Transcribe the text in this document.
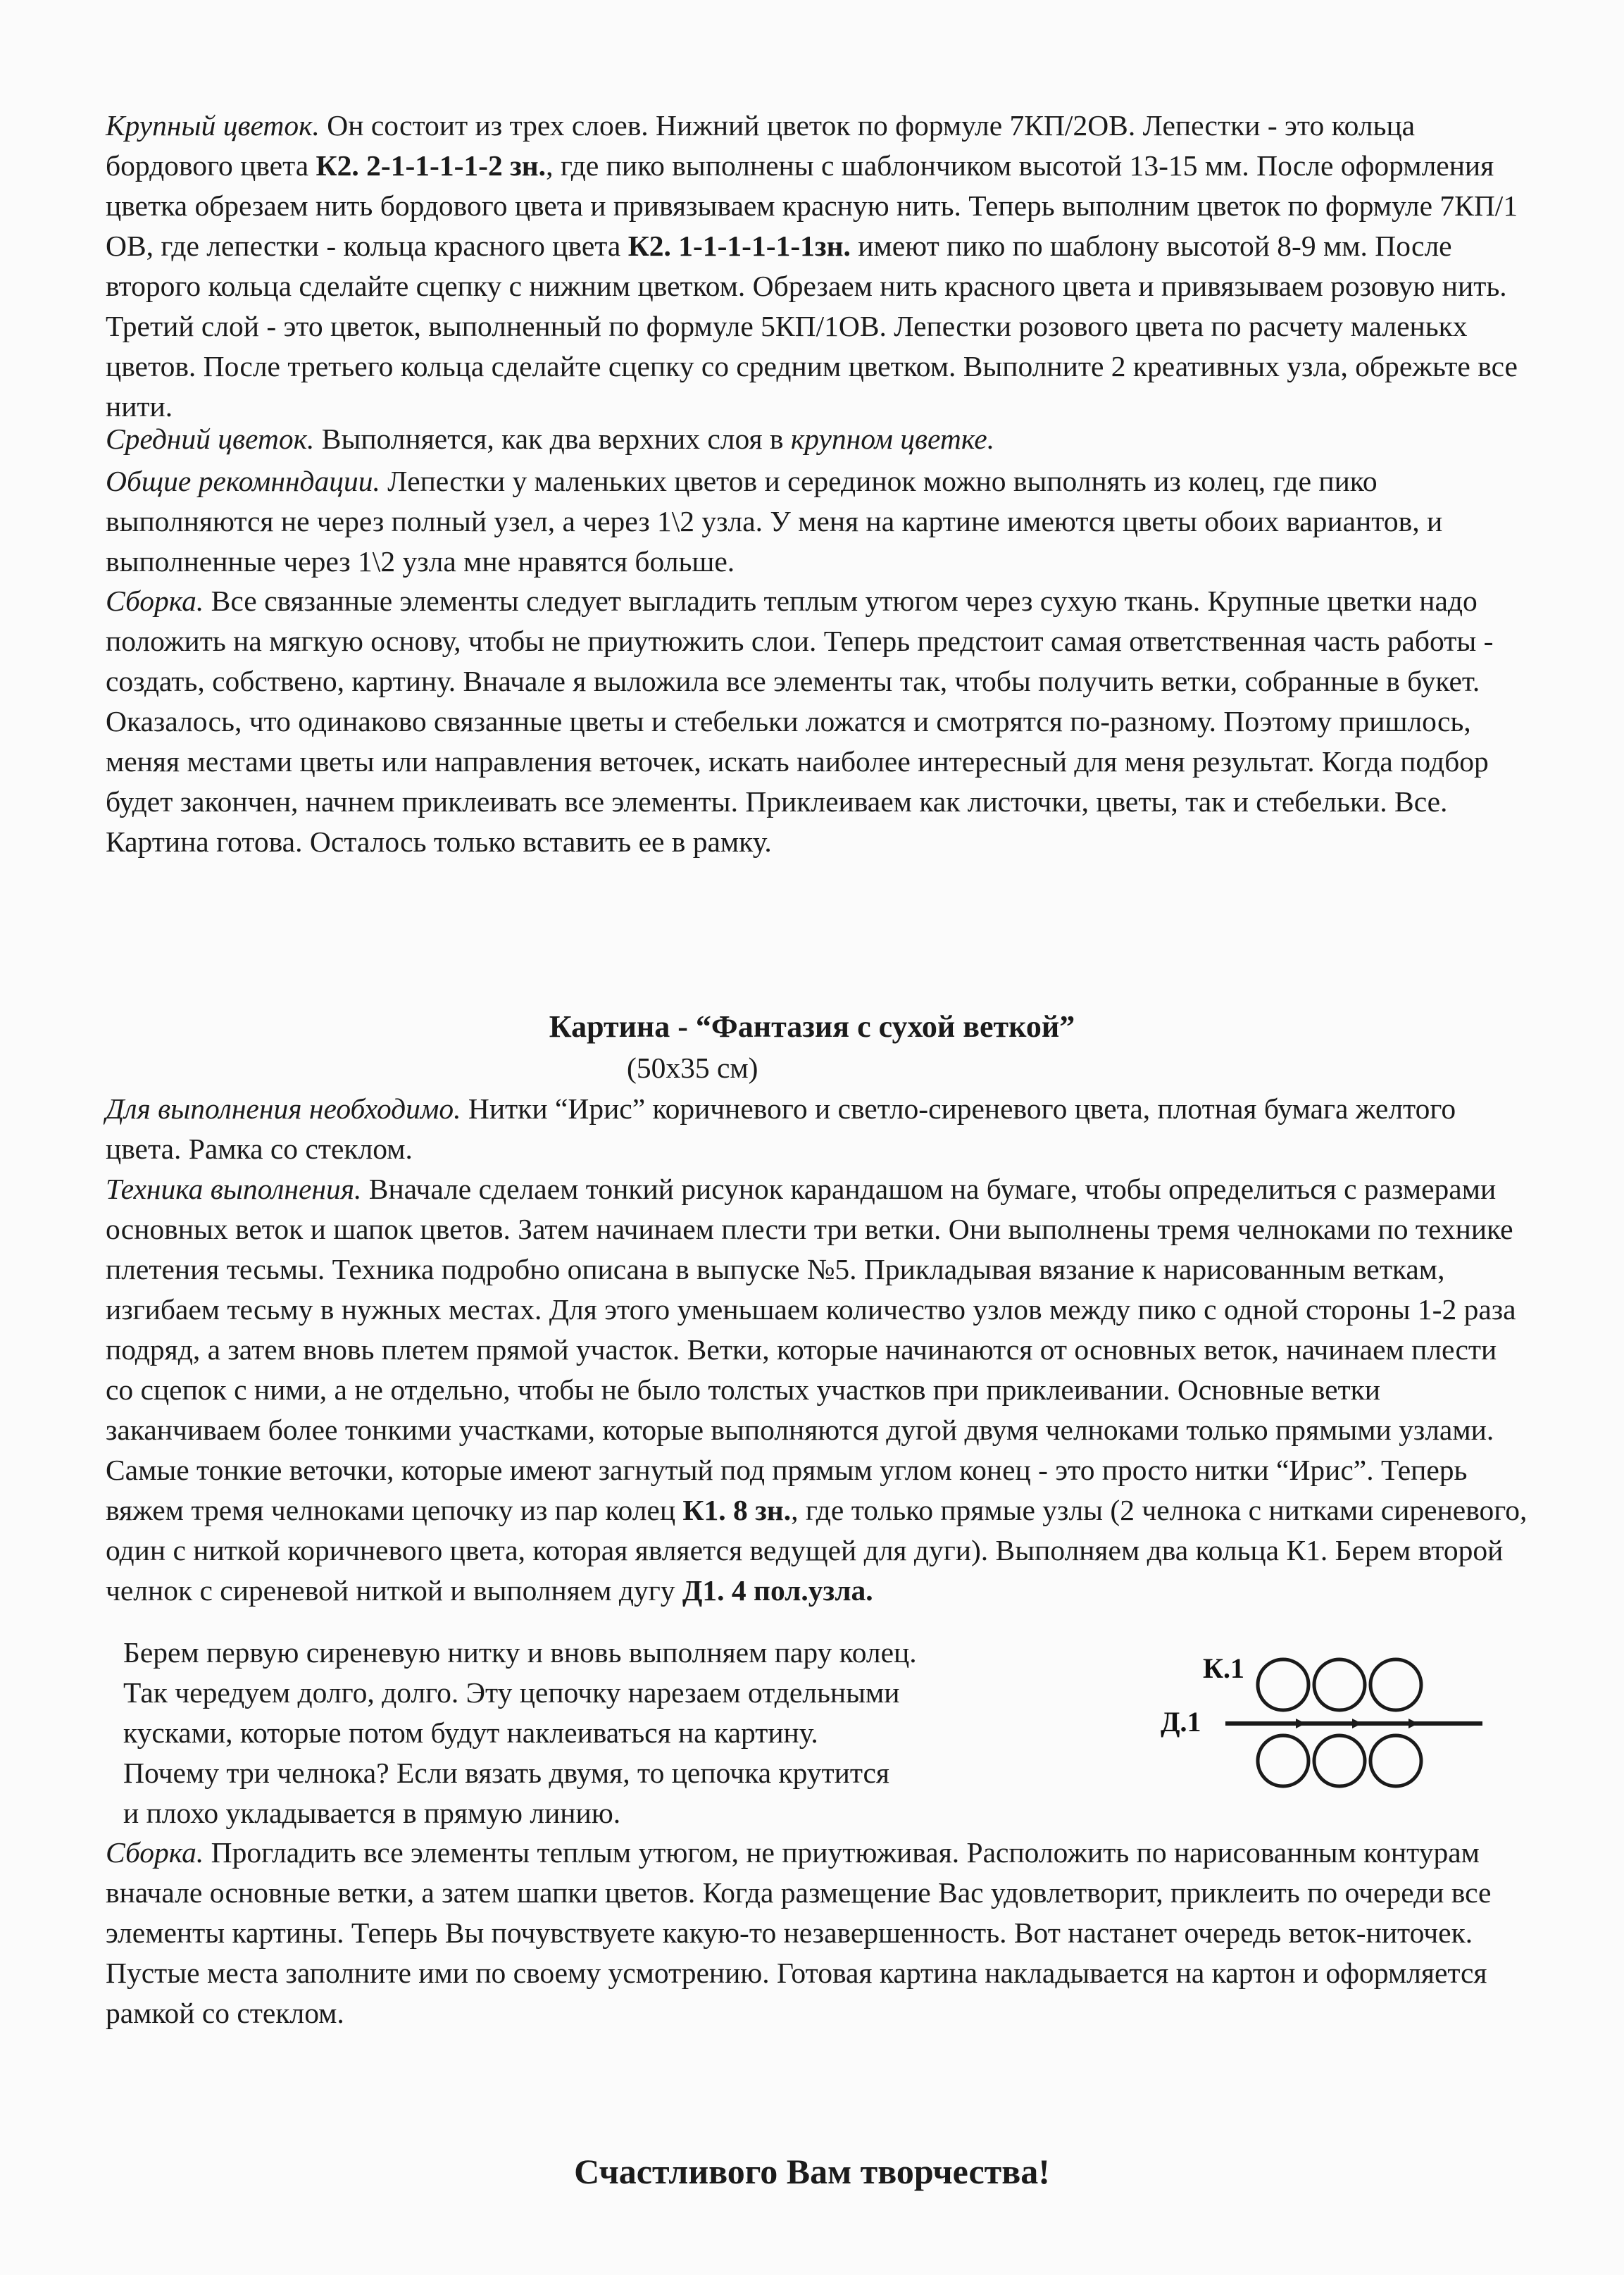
Крупный цветок. Он состоит из трех слоев. Нижний цветок по формуле 7КП/2ОВ. Лепестки - это кольца бордового цвета К2. 2-1-1-1-1-2 зн., где пико выполнены с шаблончиком высотой 13-15 мм. После оформления цветка обрезаем нить бордового цвета и привязываем красную нить. Теперь выполним цветок по формуле 7КП/1 ОВ, где лепестки - кольца красного цвета К2. 1-1-1-1-1-1зн. имеют пико по шаблону высотой 8-9 мм. После второго кольца сделайте сцепку с нижним цветком. Обрезаем нить красного цвета и привязываем розовую нить. Третий слой - это цветок, выполненный по формуле 5КП/1ОВ. Лепестки розового цвета по расчету маленькх цветов. После третьего кольца сделайте сцепку со средним цветком. Выполните 2 креативных узла, обрежьте все нити.

Средний цветок. Выполняется, как два верхних слоя в крупном цветке.

Общие рекомнндации. Лепестки у маленьких цветов и серединок можно выполнять из колец, где пико выполняются не через полный узел, а через 1\2 узла. У меня на картине имеются цветы обоих вариантов, и выполненные через 1\2 узла мне нравятся больше.

Сборка. Все связанные элементы следует выгладить теплым утюгом через сухую ткань. Крупные цветки надо положить на мягкую основу, чтобы не приутюжить слои. Теперь предстоит самая ответственная часть работы - создать, собствено, картину. Вначале я выложила все элементы так, чтобы получить ветки, собранные в букет. Оказалось, что одинаково связанные цветы и стебельки ложатся и смотрятся по-разному. Поэтому пришлось, меняя местами цветы или направления веточек, искать наиболее интересный для меня результат. Когда подбор будет закончен, начнем приклеивать все элементы. Приклеиваем как листочки, цветы, так и стебельки. Все. Картина готова. Осталось только вставить ее в рамку.

Картина - “Фантазия с сухой веткой”
(50x35 см)

Для выполнения необходимо. Нитки “Ирис” коричневого и светло-сиреневого цвета, плотная бумага желтого цвета. Рамка со стеклом.

Техника выполнения. Вначале сделаем тонкий рисунок карандашом на бумаге, чтобы определиться с размерами основных веток и шапок цветов. Затем начинаем плести три ветки. Они выполнены тремя челноками по технике плетения тесьмы. Техника подробно описана в выпуске №5. Прикладывая вязание к нарисованным веткам, изгибаем тесьму в нужных местах. Для этого уменьшаем количество узлов между пико с одной стороны 1-2 раза подряд, а затем вновь плетем прямой участок. Ветки, которые начинаются от основных веток, начинаем плести со сцепок с ними, а не отдельно, чтобы не было толстых участков при приклеивании. Основные ветки заканчиваем более тонкими участками, которые выполняются дугой двумя челноками только прямыми узлами. Самые тонкие веточки, которые имеют загнутый под прямым углом конец - это просто нитки “Ирис”. Теперь вяжем тремя челноками цепочку из пар колец К1. 8 зн., где только прямые узлы (2 челнока с нитками сиреневого, один с ниткой коричневого цвета, которая является ведущей для дуги). Выполняем два кольца К1. Берем второй челнок с сиреневой ниткой и выполняем дугу Д1. 4 пол.узла.

Берем первую сиреневую нитку и вновь выполняем пару колец.
Так чередуем долго, долго. Эту цепочку нарезаем отдельными
кусками, которые потом будут наклеиваться на картину.
Почему три челнока? Если вязать двумя, то цепочка крутится
и плохо укладывается в прямую линию.
К.1
Д.1

Сборка. Прогладить все элементы теплым утюгом, не приутюживая. Расположить по нарисованным контурам вначале основные ветки, а затем шапки цветов. Когда размещение Вас удовлетворит, приклеить по очереди все элементы картины. Теперь Вы почувствуете какую-то незавершенность. Вот настанет очередь веток-ниточек. Пустые места заполните ими по своему усмотрению. Готовая картина накладывается на картон и оформляется рамкой со стеклом.

Счастливого Вам творчества!
